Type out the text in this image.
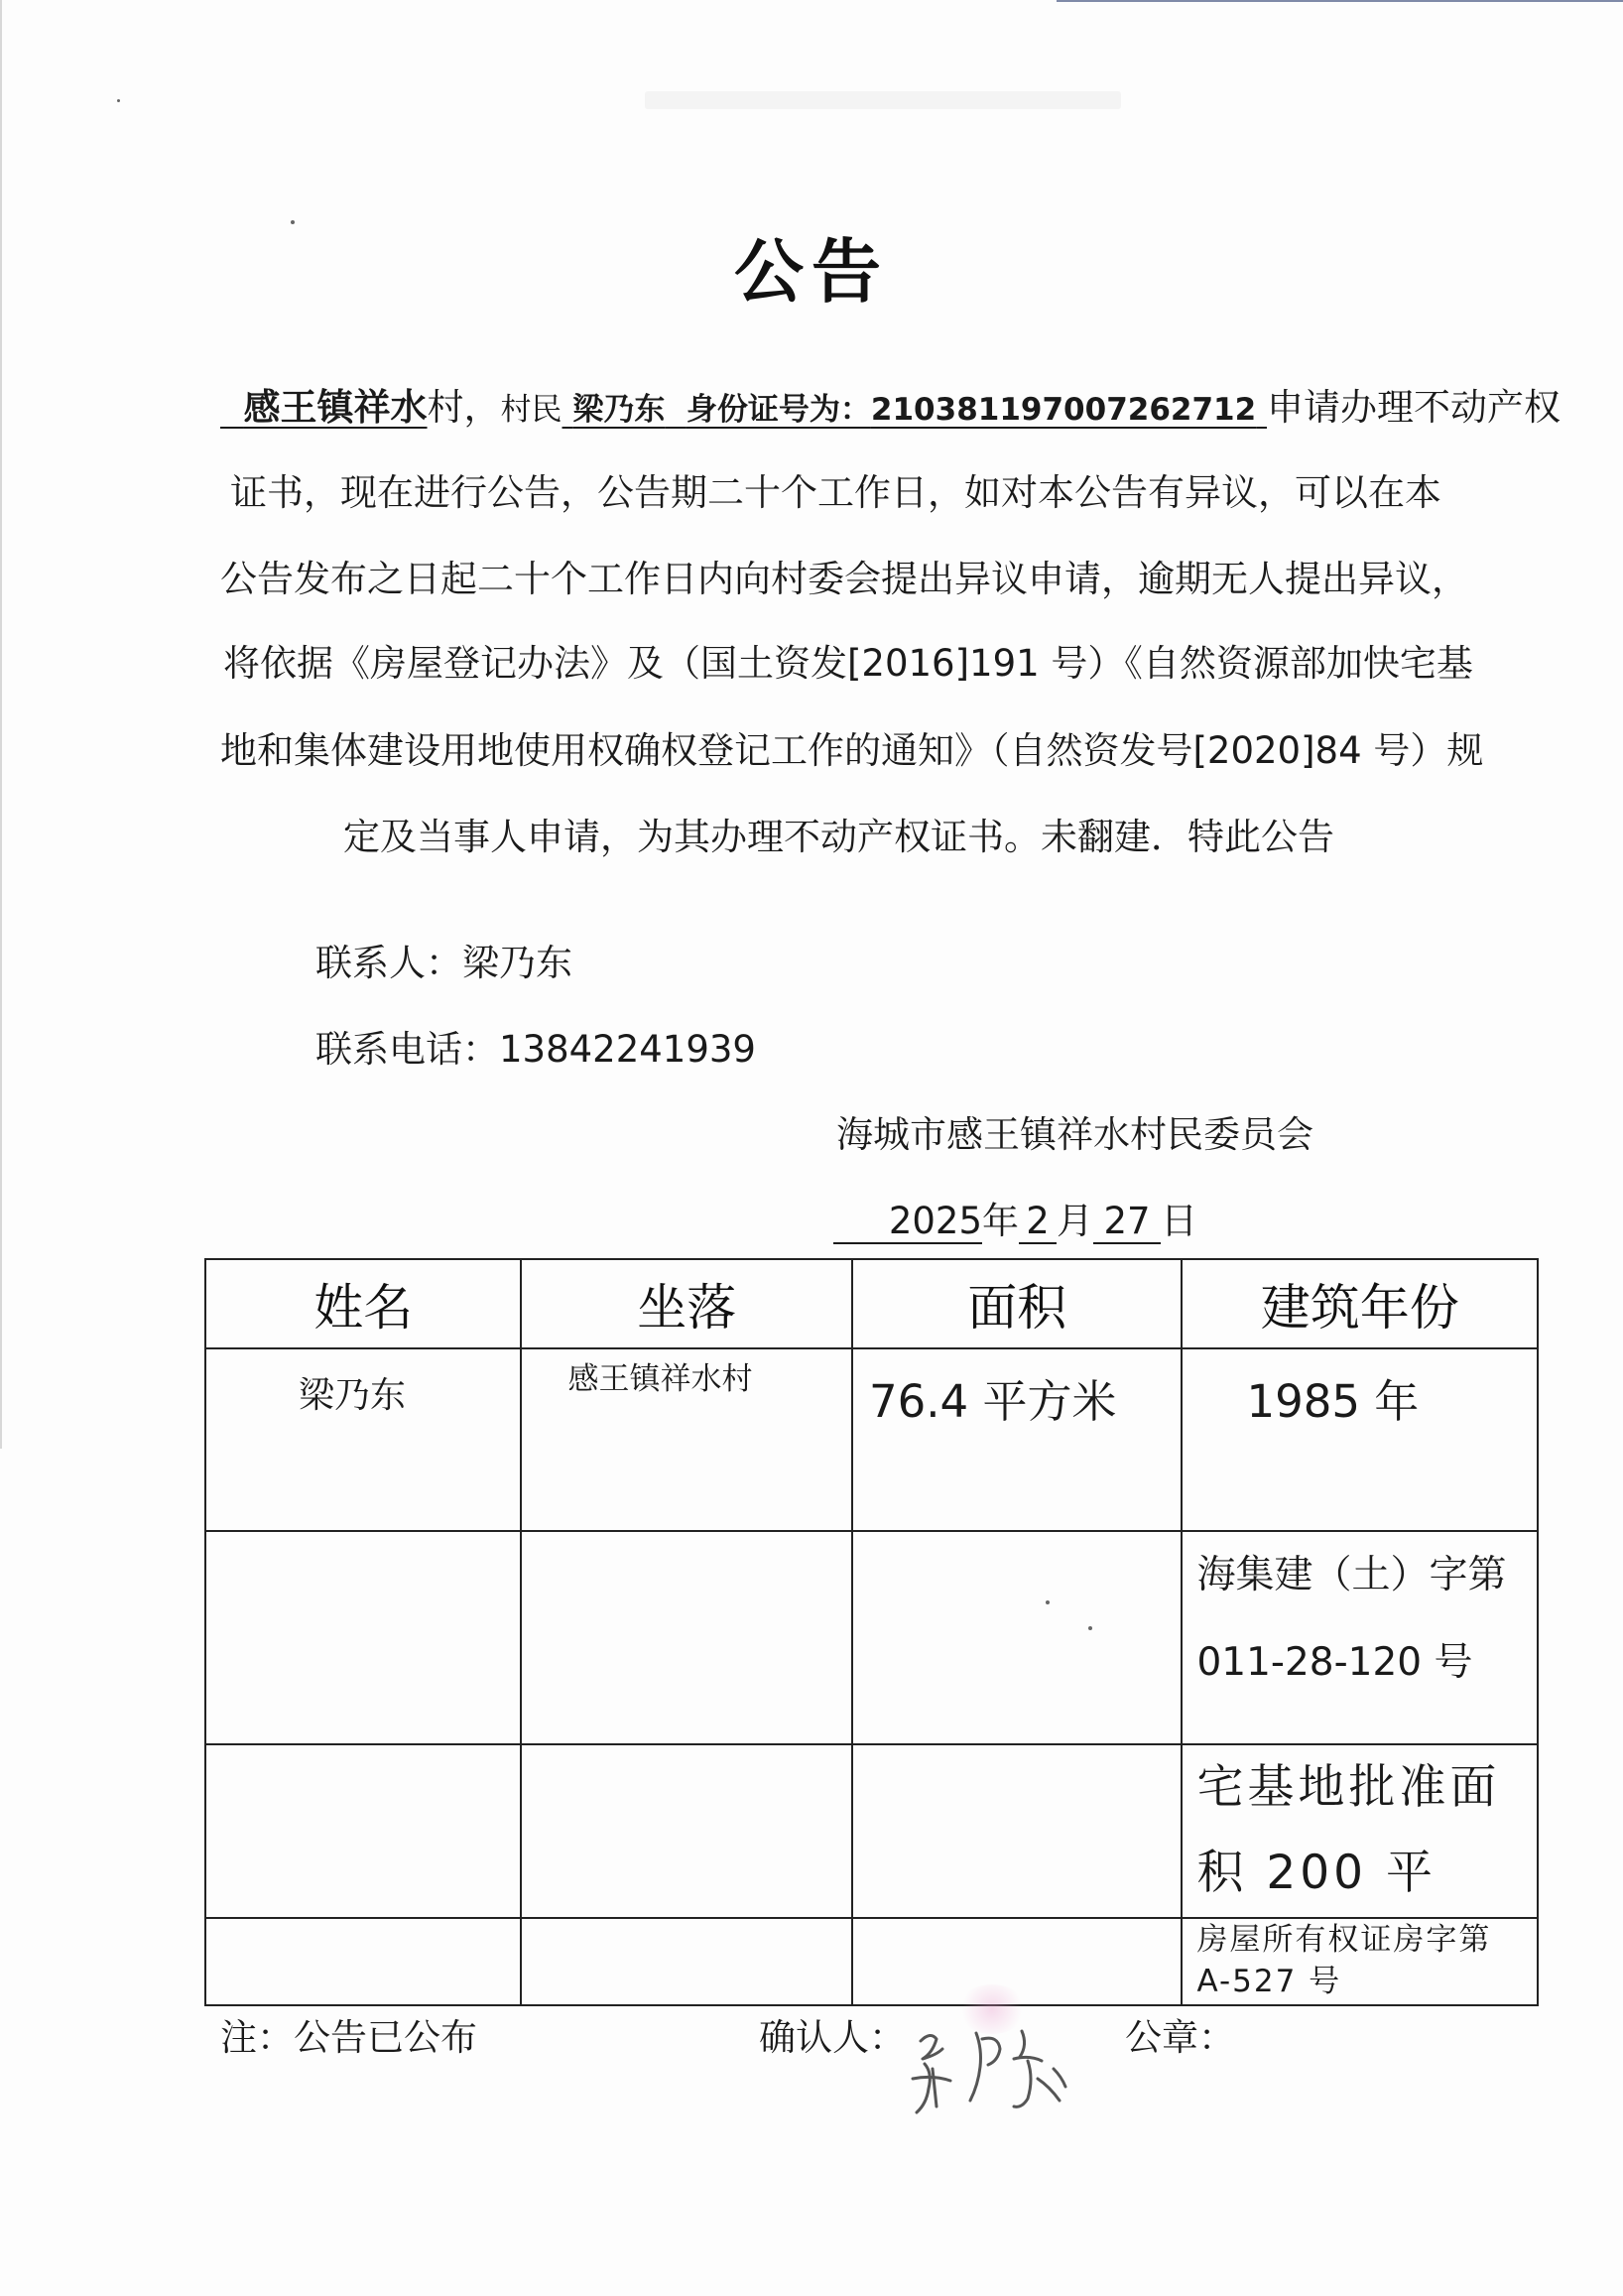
公告
感王镇祥水村，村民 梁乃东 身份证号为：210381197007262712 申请办理不动产权
证书，现在进行公告，公告期二十个工作日，如对本公告有异议，可以在本
公告发布之日起二十个工作日内向村委会提出异议申请，逾期无人提出异议，
将依据《房屋登记办法》及（国土资发[2016]191 号）《自然资源部加快宅基
地和集体建设用地使用权确权登记工作的通知》（自然资发号[2020]84 号）规
定及当事人申请，为其办理不动产权证书。未翻建．特此公告
联系人：梁乃东
联系电话：13842241939
海城市感王镇祥水村民委员会
2025年 2 月 27 日
姓名	坐落	面积	建筑年份
梁乃东	感王镇祥水村	76.4 平方米	1985 年

			海集建（土）字第
011-28-120 号

			宅基地批准面
积 200 平

			房屋所有权证房字第
A-527 号
注：公告已公布	确认人：	公章：
